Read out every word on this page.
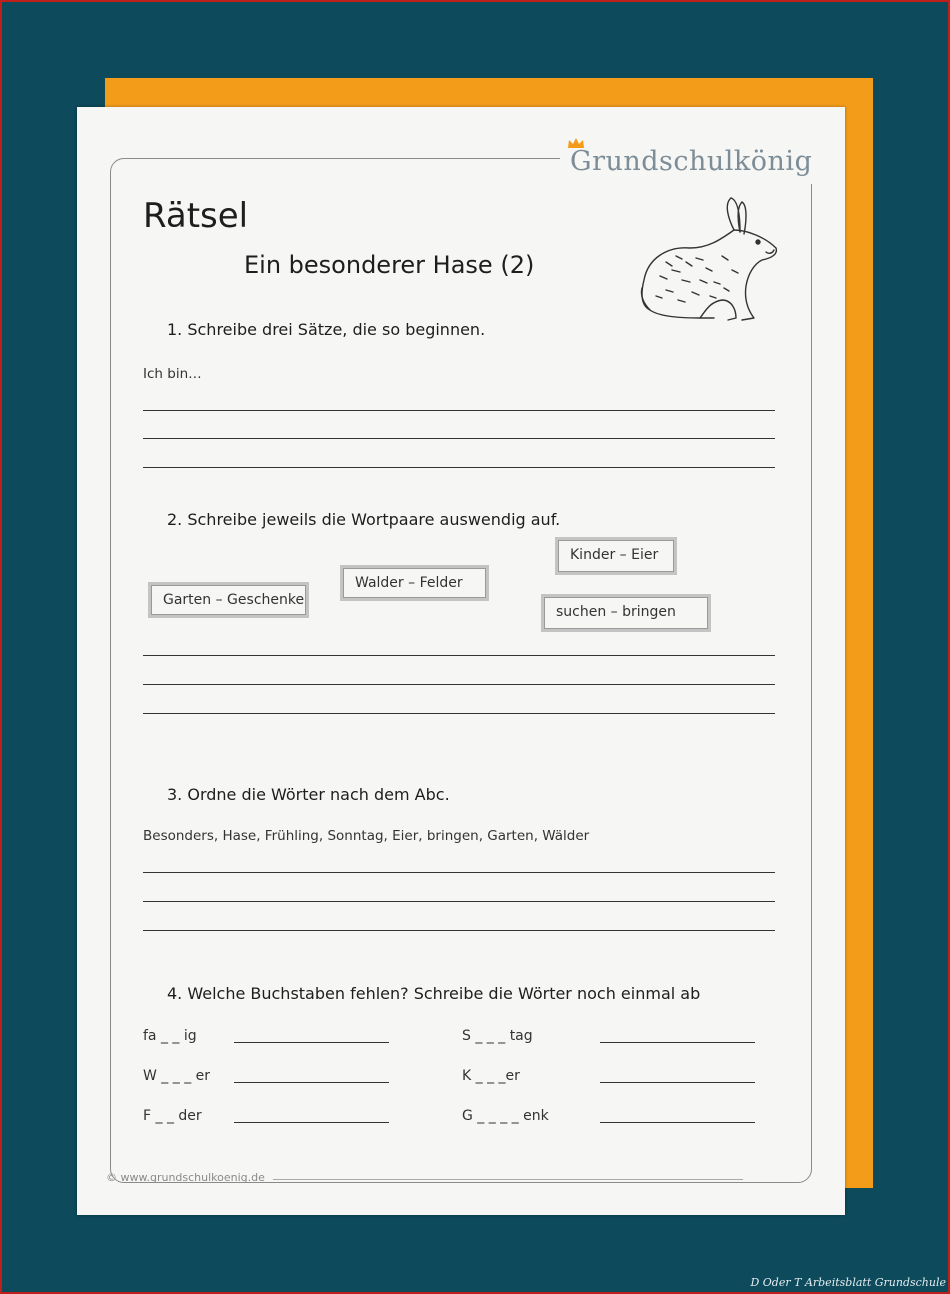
Grundschulkönig
Rätsel
Ein besonderer Hase (2)
1. Schreibe drei Sätze, die so beginnen.
Ich bin…
2. Schreibe jeweils die Wortpaare auswendig auf.
Garten – Geschenke
Walder – Felder
Kinder – Eier
suchen – bringen
3. Ordne die Wörter nach dem Abc.
Besonders, Hase, Frühling, Sonntag, Eier, bringen, Garten, Wälder
4. Welche Buchstaben fehlen? Schreibe die Wörter noch einmal ab
fa _ _ ig	S _ _ _ tag
W _ _ _ er	K _ _ _er
F _ _ der	G _ _ _ _ enk
© www.grundschulkoenig.de
D Oder T Arbeitsblatt Grundschule
